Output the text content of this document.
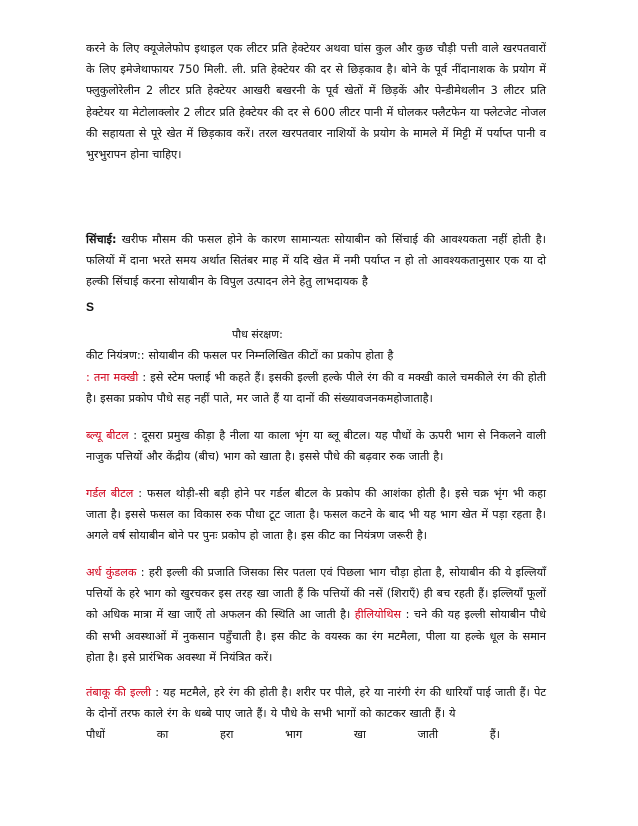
करने के लिए क्यूजेलेफोप इथाइल एक लीटर प्रति हेक्टेयर अथवा घांस कुल और कुछ चौड़ी पत्ती वाले खरपतवारों के लिए इमेजेथाफायर 750 मिली. ली. प्रति हेक्टेयर की दर से छिड़काव है। बोने के पूर्व नींदानाशक के प्रयोग में फ्लुकुलोरेलीन 2 लीटर प्रति हेक्टेयर आखरी बखरनी के पूर्व खेतों में छिड़कें और पेन्डीमेथलीन 3 लीटर प्रति हेक्टेयर या मेटोलाक्लोर 2 लीटर प्रति हेक्टेयर की दर से 600 लीटर पानी में घोलकर फ्लैटफेन या फ्लेटजेट नोजल की सहायता से पूरे खेत में छिड़काव करें। तरल खरपतवार नाशियों के प्रयोग के मामले में मिट्टी में पर्याप्त पानी व भुरभुरापन होना चाहिए।

सिंचाई: खरीफ मौसम की फसल होने के कारण सामान्यतः सोयाबीन को सिंचाई की आवश्यकता नहीं होती है। फलियों में दाना भरते समय अर्थात सितंबर माह में यदि खेत में नमी पर्याप्त न हो तो आवश्यकतानुसार एक या दो हल्की सिंचाई करना सोयाबीन के विपुल उत्पादन लेने हेतु लाभदायक है

S
पौध संरक्षण:

कीट नियंत्रण:: सोयाबीन की फसल पर निम्नलिखित कीटों का प्रकोप होता है

: तना मक्खी : इसे स्टेम फ्लाई भी कहते हैं। इसकी इल्ली हल्के पीले रंग की व मक्खी काले चमकीले रंग की होती है। इसका प्रकोप पौधे सह नहीं पाते, मर जाते हैं या दानों की संख्यावजनकमहोजाताहै।

ब्ल्यू बीटल : दूसरा प्रमुख कीड़ा है नीला या काला भृंग या ब्लू बीटल। यह पौधों के ऊपरी भाग से निकलने वाली नाजुक पत्तियों और केंद्रीय (बीच) भाग को खाता है। इससे पौधे की बढ़वार रुक जाती है।

गर्डल बीटल : फसल थोड़ी-सी बड़ी होने पर गर्डल बीटल के प्रकोप की आशंका होती है। इसे चक्र भृंग भी कहा जाता है। इससे फसल का विकास रुक पौधा टूट जाता है। फसल कटने के बाद भी यह भाग खेत में पड़ा रहता है। अगले वर्ष सोयाबीन बोने पर पुनः प्रकोप हो जाता है। इस कीट का नियंत्रण जरूरी है।

अर्ध कुंडलक : हरी इल्ली की प्रजाति जिसका सिर पतला एवं पिछला भाग चौड़ा होता है, सोयाबीन की ये इल्लियाँ पत्तियों के हरे भाग को खुरचकर इस तरह खा जाती हैं कि पत्तियों की नसें (शिराएँ) ही बच रहती हैं। इल्लियाँ फूलों को अधिक मात्रा में खा जाएँ तो अफलन की स्थिति आ जाती है। हीलियोथिस : चने की यह इल्ली सोयाबीन पौधे की सभी अवस्थाओं में नुकसान पहुँचाती है। इस कीट के वयस्क का रंग मटमैला, पीला या हल्के धूल के समान होता है। इसे प्रारंभिक अवस्था में नियंत्रित करें।

तंबाकू की इल्ली : यह मटमैले, हरे रंग की होती है। शरीर पर पीले, हरे या नारंगी रंग की धारियाँ पाई जाती हैं। पेट के दोनों तरफ काले रंग के धब्बे पाए जाते हैं। ये पौधे के सभी भागों को काटकर खाती हैं। ये

पौधों	का	हरा	भाग	खा	जाती	हैं।
